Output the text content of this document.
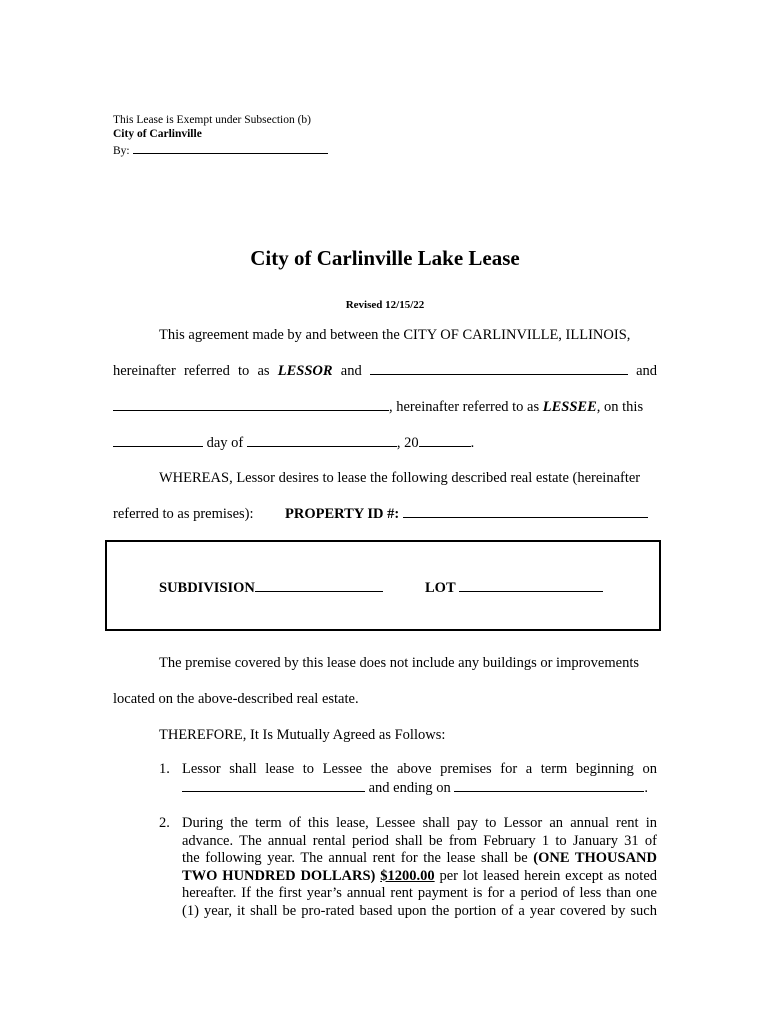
This Lease is Exempt under Subsection (b)
City of Carlinville
By:
City of Carlinville Lake Lease
Revised 12/15/22
This agreement made by and between the CITY OF CARLINVILLE, ILLINOIS,
hereinafter referred to as LESSOR and	and
, hereinafter referred to as LESSEE, on this
day of	, 20	.
WHEREAS, Lessor desires to lease the following described real estate (hereinafter
referred to as premises): PROPERTY ID #:
SUBDIVISION	LOT
The premise covered by this lease does not include any buildings or improvements
located on the above-described real estate.
THEREFORE, It Is Mutually Agreed as Follows:
1. Lessor shall lease to Lessee the above premises for a term beginning on
and ending on	.
2. During the term of this lease, Lessee shall pay to Lessor an annual rent in
advance. The annual rental period shall be from February 1 to January 31 of
the following year. The annual rent for the lease shall be (ONE THOUSAND
TWO HUNDRED DOLLARS) $1200.00 per lot leased herein except as noted
hereafter. If the first year’s annual rent payment is for a period of less than one
(1) year, it shall be pro-rated based upon the portion of a year covered by such
